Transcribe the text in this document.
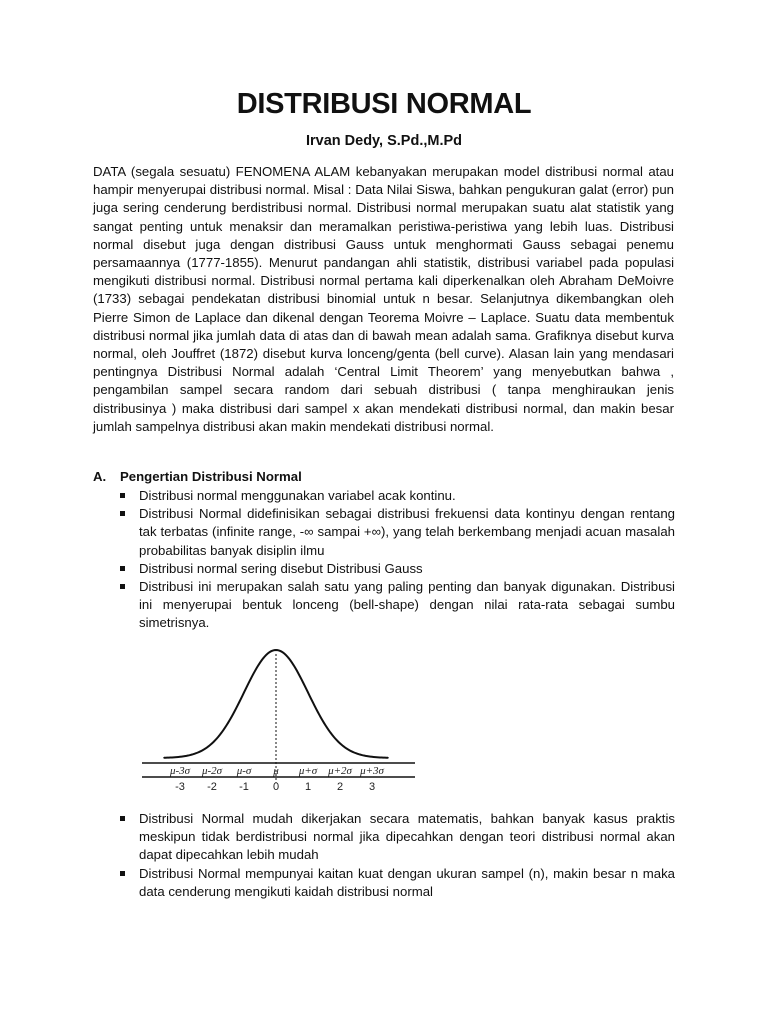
DISTRIBUSI NORMAL
Irvan Dedy, S.Pd.,M.Pd

DATA (segala sesuatu) FENOMENA ALAM kebanyakan merupakan model distribusi normal atau hampir menyerupai distribusi normal. Misal : Data Nilai Siswa, bahkan pengukuran galat (error) pun juga sering cenderung berdistribusi normal. Distribusi normal merupakan suatu alat statistik yang sangat penting untuk menaksir dan meramalkan peristiwa-peristiwa yang lebih luas. Distribusi normal disebut juga dengan distribusi Gauss untuk menghormati Gauss sebagai penemu persamaannya (1777-1855). Menurut pandangan ahli statistik, distribusi variabel pada populasi mengikuti distribusi normal. Distribusi normal pertama kali diperkenalkan oleh Abraham DeMoivre (1733) sebagai pendekatan distribusi binomial untuk n besar. Selanjutnya dikembangkan oleh Pierre Simon de Laplace dan dikenal dengan Teorema Moivre – Laplace. Suatu data membentuk distribusi normal jika jumlah data di atas dan di bawah mean adalah sama. Grafiknya disebut kurva normal, oleh Jouffret (1872) disebut kurva lonceng/genta (bell curve). Alasan lain yang mendasari pentingnya Distribusi Normal adalah ‘Central Limit Theorem’ yang menyebutkan bahwa , pengambilan sampel secara random dari sebuah distribusi ( tanpa menghiraukan jenis distribusinya ) maka distribusi dari sampel x akan mendekati distribusi normal, dan makin besar jumlah sampelnya distribusi akan makin mendekati distribusi normal.

A. Pengertian Distribusi Normal
Distribusi normal menggunakan variabel acak kontinu.
Distribusi Normal didefinisikan sebagai distribusi frekuensi data kontinyu dengan rentang tak terbatas (infinite range, -∞ sampai +∞), yang telah berkembang menjadi acuan masalah probabilitas banyak disiplin ilmu
Distribusi normal sering disebut Distribusi Gauss
Distribusi ini merupakan salah satu yang paling penting dan banyak digunakan. Distribusi ini menyerupai bentuk lonceng (bell-shape) dengan nilai rata-rata sebagai sumbu simetrisnya.
μ-3σ μ-2σ μ-σ μ μ+σ μ+2σ μ+3σ
-3 -2 -1 0 1 2 3
Distribusi Normal mudah dikerjakan secara matematis, bahkan banyak kasus praktis meskipun tidak berdistribusi normal jika dipecahkan dengan teori distribusi normal akan dapat dipecahkan lebih mudah
Distribusi Normal mempunyai kaitan kuat dengan ukuran sampel (n), makin besar n maka data cenderung mengikuti kaidah distribusi normal
